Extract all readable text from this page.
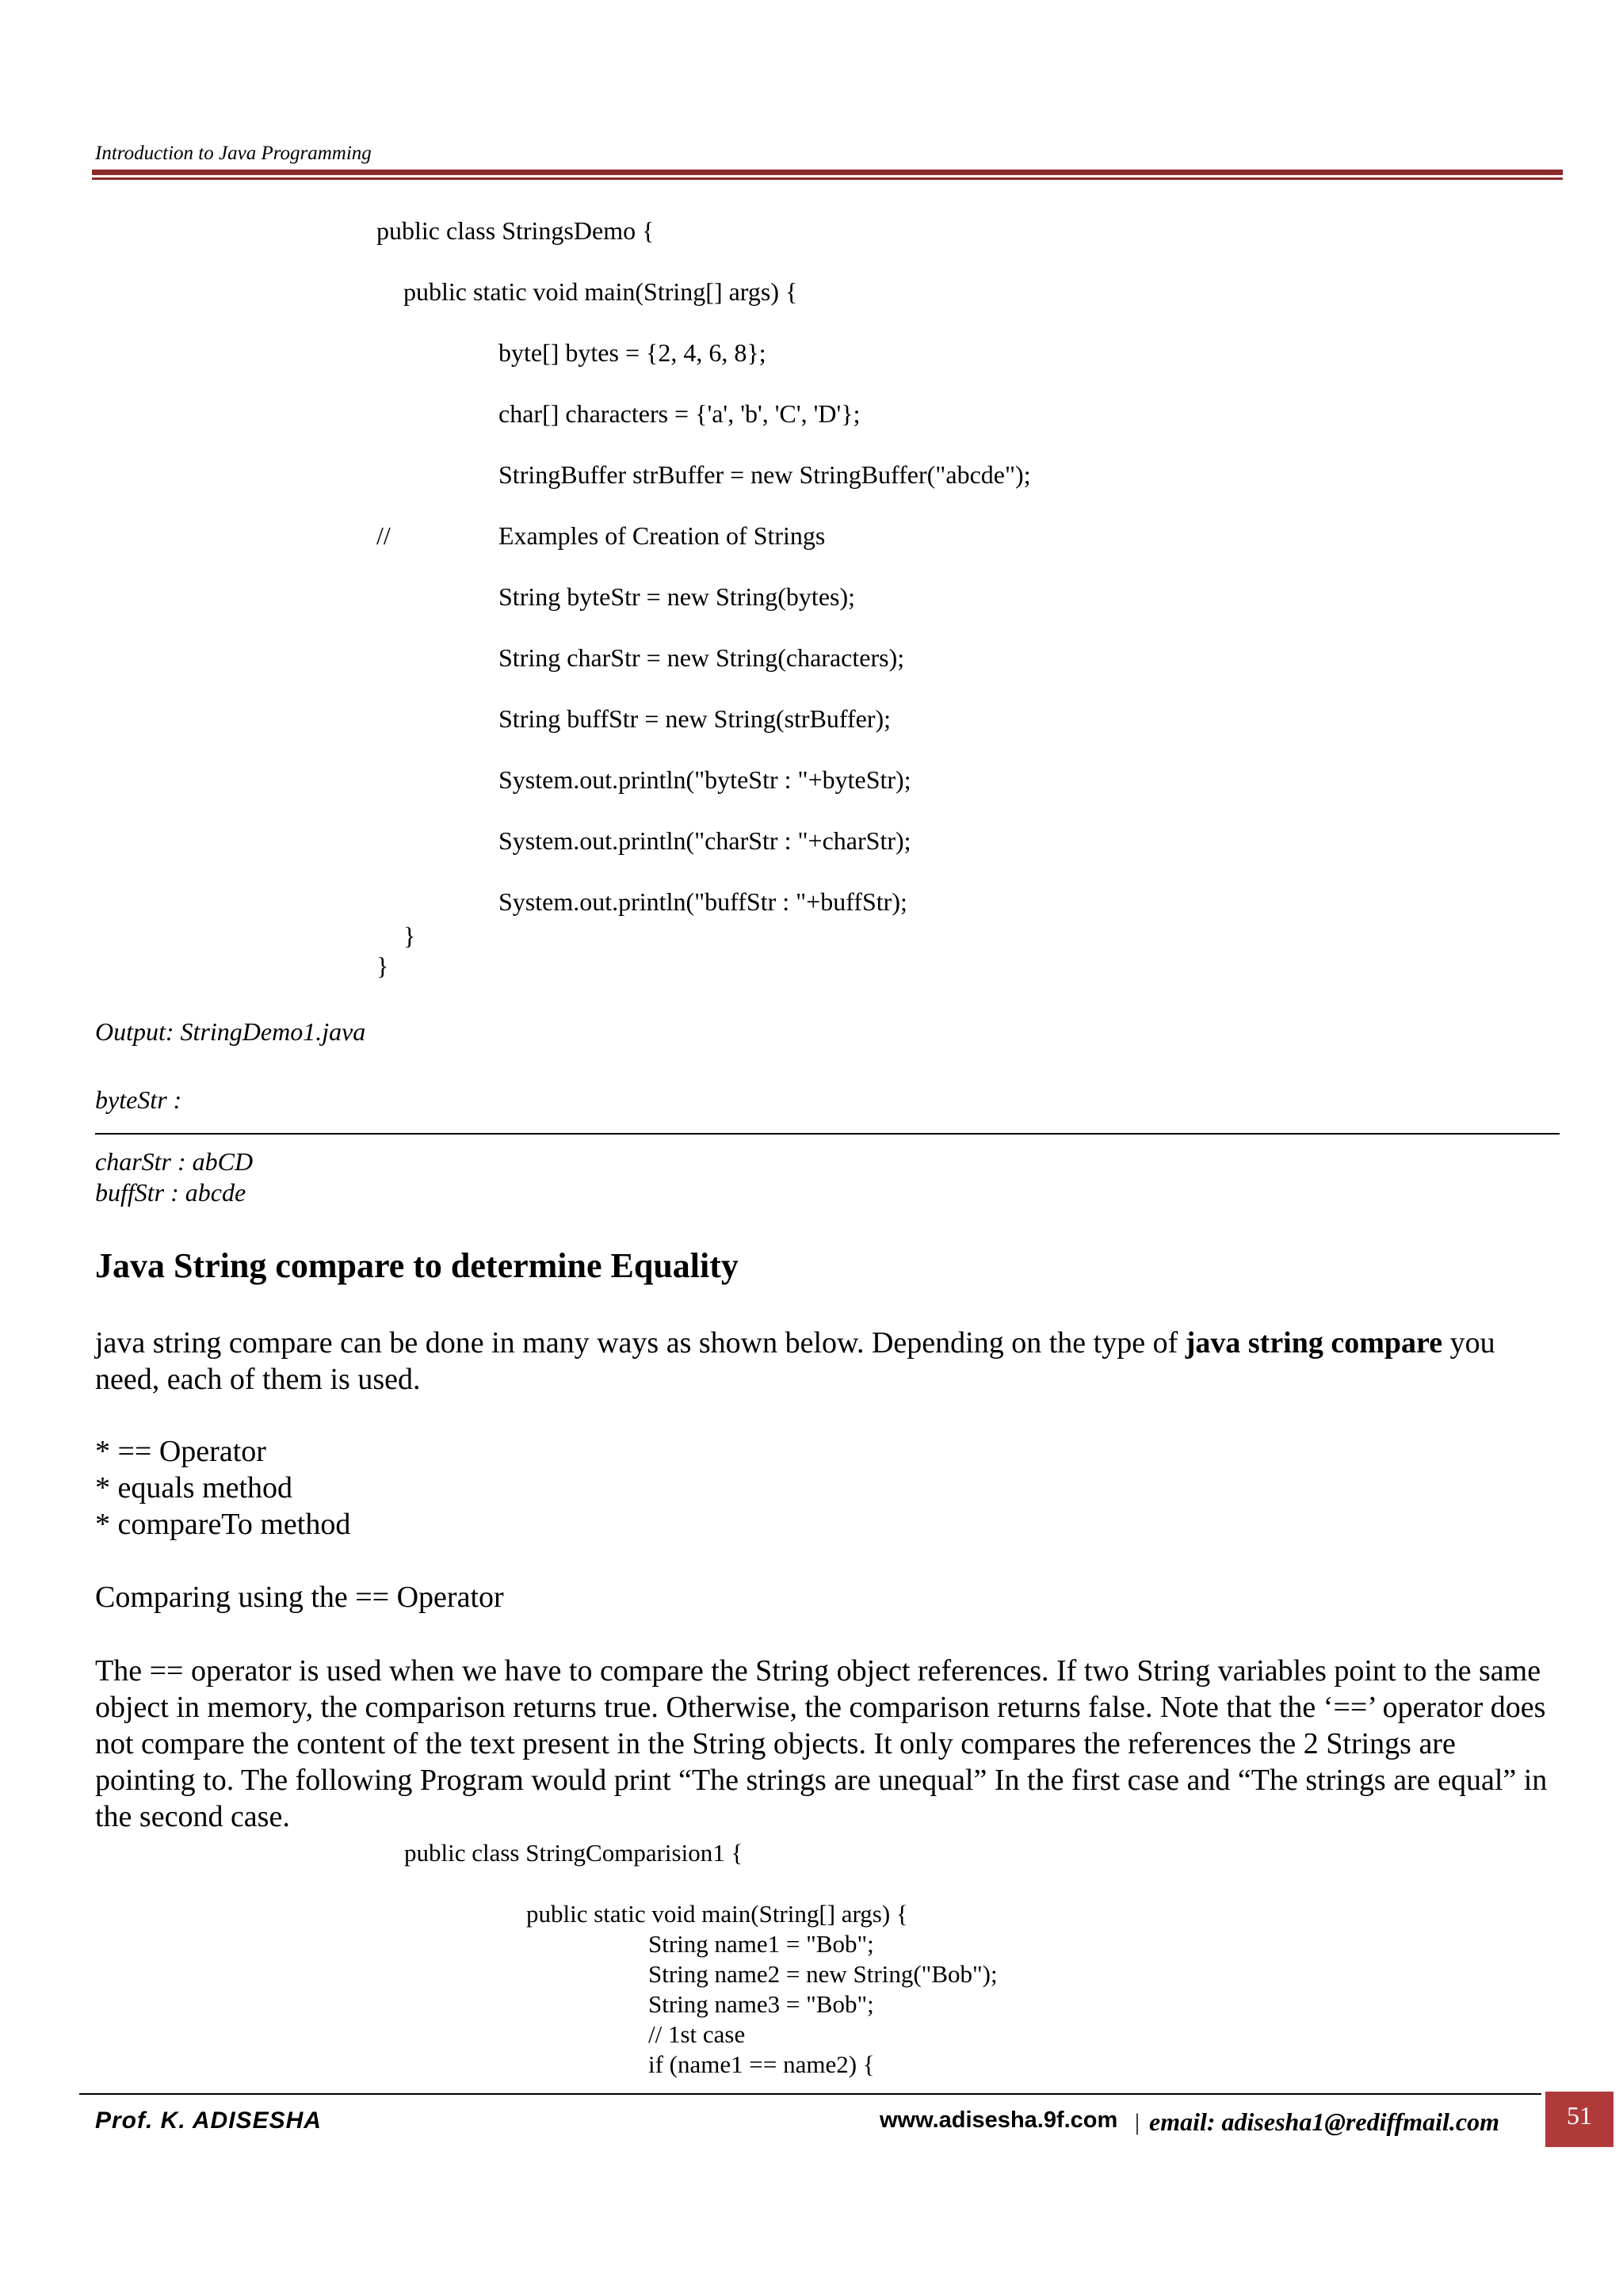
Introduction to Java Programming
public class StringsDemo {
public static void main(String[] args) {
byte[] bytes = {2, 4, 6, 8};
char[] characters = {'a', 'b', 'C', 'D'};
StringBuffer strBuffer = new StringBuffer("abcde");
//	Examples of Creation of Strings
String byteStr = new String(bytes);
String charStr = new String(characters);
String buffStr = new String(strBuffer);
System.out.println("byteStr : "+byteStr);
System.out.println("charStr : "+charStr);
System.out.println("buffStr : "+buffStr);
}
}
Output: StringDemo1.java
byteStr :
charStr : abCD
buffStr : abcde
Java String compare to determine Equality
java string compare can be done in many ways as shown below. Depending on the type of java string compare you need, each of them is used.
* == Operator
* equals method
* compareTo method
Comparing using the == Operator
The == operator is used when we have to compare the String object references. If two String variables point to the same object in memory, the comparison returns true. Otherwise, the comparison returns false. Note that the ‘==’ operator does not compare the content of the text present in the String objects. It only compares the references the 2 Strings are pointing to. The following Program would print “The strings are unequal” In the first case and “The strings are equal” in the second case.
public class StringComparision1 {
public static void main(String[] args) {
String name1 = "Bob";
String name2 = new String("Bob");
String name3 = "Bob";
// 1st case
if (name1 == name2) {
Prof. K. ADISESHA	www.adisesha.9f.com | email: adisesha1@rediffmail.com	51
